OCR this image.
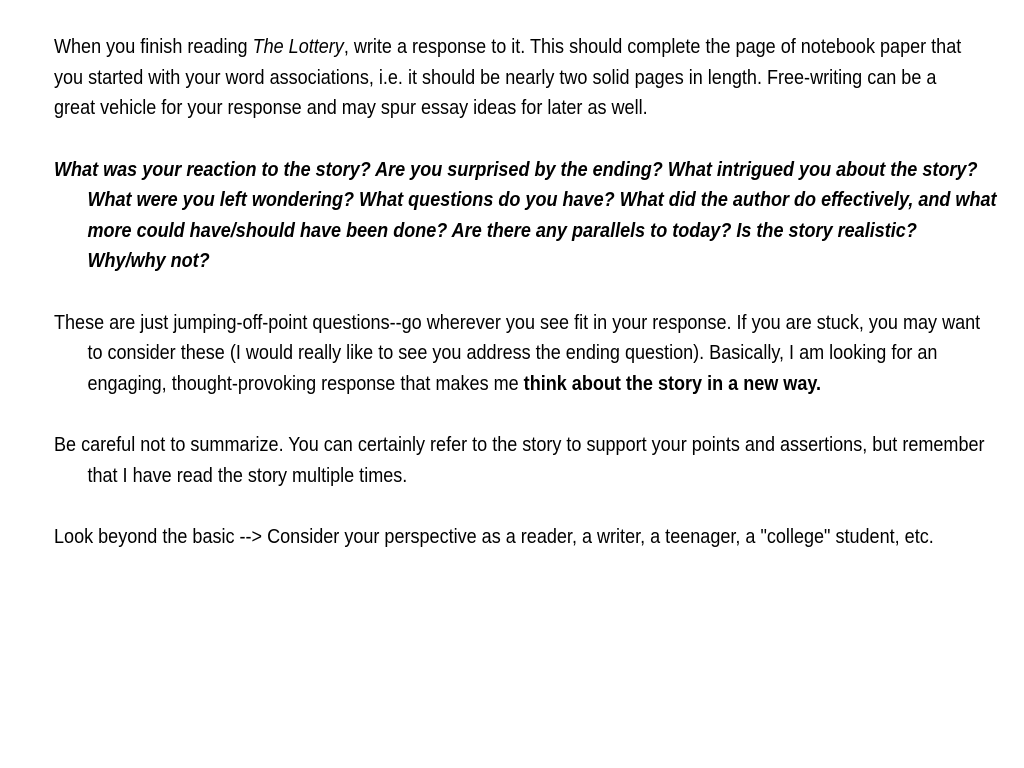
When you finish reading The Lottery, write a response to it. This should complete the page of notebook paper that you started with your word associations, i.e. it should be nearly two solid pages in length. Free-writing can be a great vehicle for your response and may spur essay ideas for later as well.

What was your reaction to the story? Are you surprised by the ending? What intrigued you about the story? What were you left wondering? What questions do you have? What did the author do effectively, and what more could have/should have been done? Are there any parallels to today? Is the story realistic? Why/why not?

These are just jumping-off-point questions--go wherever you see fit in your response. If you are stuck, you may want to consider these (I would really like to see you address the ending question). Basically, I am looking for an engaging, thought-provoking response that makes me think about the story in a new way.

Be careful not to summarize. You can certainly refer to the story to support your points and assertions, but remember that I have read the story multiple times.

Look beyond the basic --> Consider your perspective as a reader, a writer, a teenager, a "college" student, etc.
